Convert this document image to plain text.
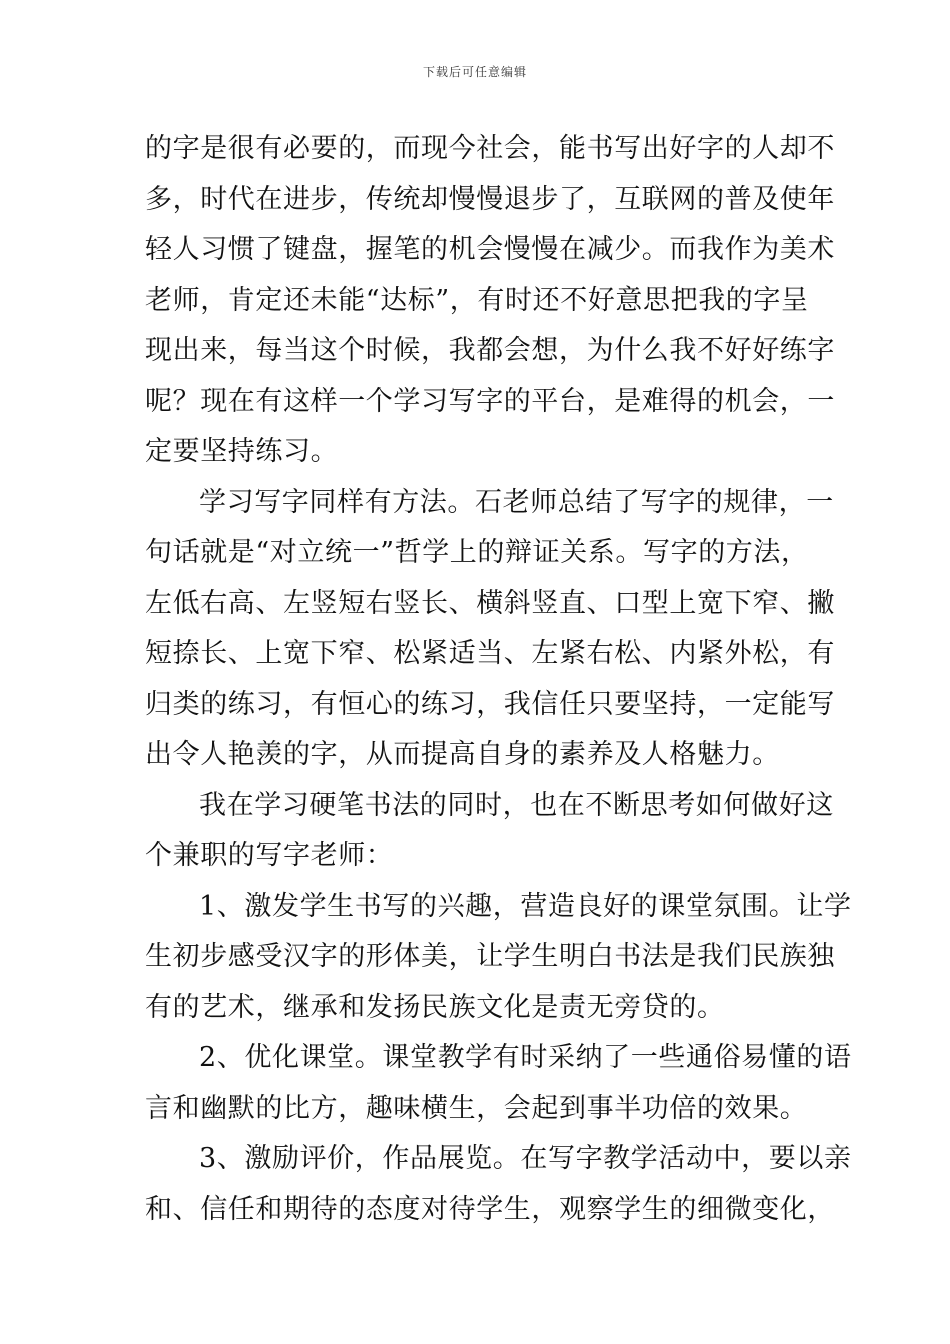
下载后可任意编辑
的字是很有必要的，而现今社会，能书写出好字的人却不
多，时代在进步，传统却慢慢退步了，互联网的普及使年
轻人习惯了键盘，握笔的机会慢慢在减少。而我作为美术
老师，肯定还未能“达标”，有时还不好意思把我的字呈
现出来，每当这个时候，我都会想，为什么我不好好练字
呢？现在有这样一个学习写字的平台，是难得的机会，一
定要坚持练习。
学习写字同样有方法。石老师总结了写字的规律，一
句话就是“对立统一”哲学上的辩证关系。写字的方法，
左低右高、左竖短右竖长、横斜竖直、口型上宽下窄、撇
短捺长、上宽下窄、松紧适当、左紧右松、内紧外松，有
归类的练习，有恒心的练习，我信任只要坚持，一定能写
出令人艳羡的字，从而提高自身的素养及人格魅力。
我在学习硬笔书法的同时，也在不断思考如何做好这
个兼职的写字老师：
1、激发学生书写的兴趣，营造良好的课堂氛围。让学
生初步感受汉字的形体美，让学生明白书法是我们民族独
有的艺术，继承和发扬民族文化是责无旁贷的。
2、优化课堂。课堂教学有时采纳了一些通俗易懂的语
言和幽默的比方，趣味横生，会起到事半功倍的效果。
3、激励评价，作品展览。在写字教学活动中，要以亲
和、信任和期待的态度对待学生，观察学生的细微变化，
